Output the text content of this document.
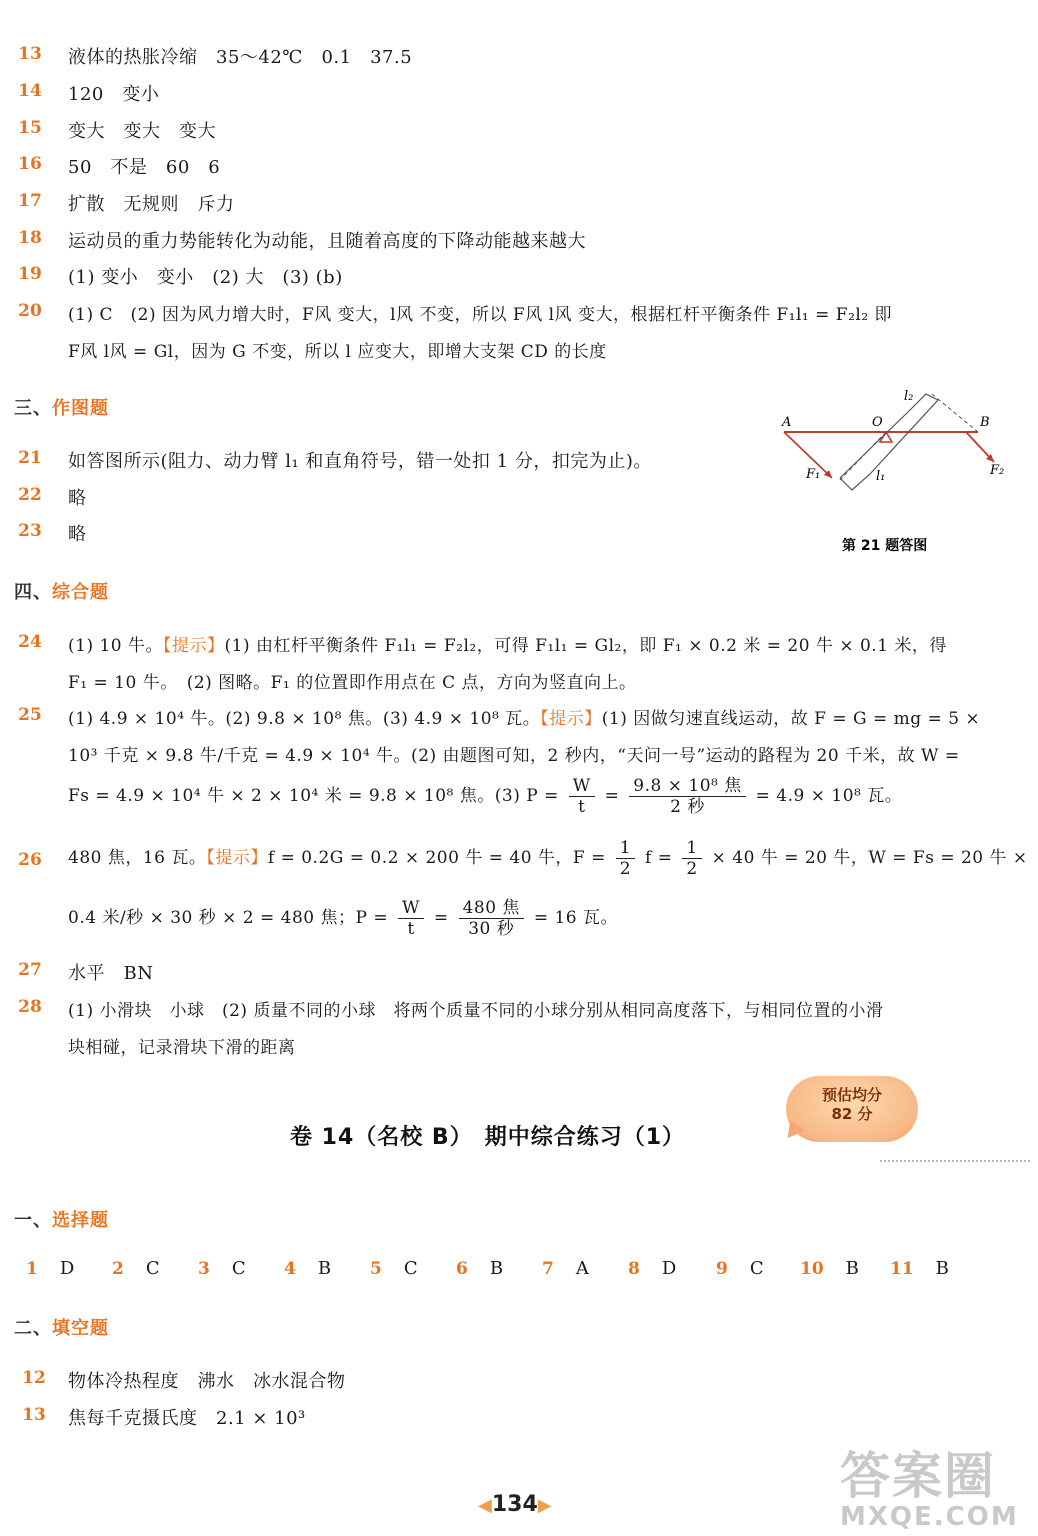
13	液体的热胀冷缩　35～42℃　0.1　37.5
14	120　变小
15	变大　变大　变大
16	50　不是　60　6
17	扩散　无规则　斥力
18	运动员的重力势能转化为动能，且随着高度的下降动能越来越大
19	(1) 变小　变小　(2) 大　(3) (b)
20	(1) C　(2) 因为风力增大时，F风 变大，l风 不变，所以 F风 l风 变大，根据杠杆平衡条件 F₁l₁ = F₂l₂ 即
F风 l风 = Gl，因为 G 不变，所以 l 应变大，即增大支架 CD 的长度
三、作图题
21	如答图所示(阻力、动力臂 l₁ 和直角符号，错一处扣 1 分，扣完为止)。
22	略
23	略
A	O	B
F₁	F₂
l₁
l₂
第 21 题答图
四、综合题
24	(1) 10 牛。【提示】(1) 由杠杆平衡条件 F₁l₁ = F₂l₂，可得 F₁l₁ = Gl₂，即 F₁ × 0.2 米 = 20 牛 × 0.1 米，得
F₁ = 10 牛。　(2) 图略。F₁ 的位置即作用点在 C 点，方向为竖直向上。
25	(1) 4.9 × 10⁴ 牛。(2) 9.8 × 10⁸ 焦。(3) 4.9 × 10⁸ 瓦。【提示】(1) 因做匀速直线运动，故 F = G = mg = 5 ×
10³ 千克 × 9.8 牛/千克 = 4.9 × 10⁴ 牛。(2) 由题图可知，2 秒内，“天问一号”运动的路程为 20 千米，故 W =
Fs = 4.9 × 10⁴ 牛 × 2 × 10⁴ 米 = 9.8 × 10⁸ 焦。(3) $P = \frac{W}{t} = \frac{\text{9.8 × 10⁸ 焦}}{\text{2 秒}} = 4.9 \times 10^8$ 瓦。
26	480 焦，16 瓦。【提示】f = 0.2G = 0.2 × 200 牛 = 40 牛，$F = \frac{1}{2}$ $f = \frac{1}{2} \times 40$ 牛 = 20 牛，W = Fs = 20 牛 ×
0.4 米/秒 × 30 秒 × 2 = 480 焦；$P = \frac{W}{t} = \frac{\text{480 焦}}{\text{30 秒}} = 16$ 瓦。
27	水平　BN
28	(1) 小滑块　小球　(2) 质量不同的小球　将两个质量不同的小球分别从相同高度落下，与相同位置的小滑
块相碰，记录滑块下滑的距离
预估均分
82 分
卷 14（名校 B）　期中综合练习（1）
一、选择题
1 D 2 C 3 C 4 B 5 C 6 B 7 A 8 D 9 C 10 B 11 B
二、填空题
12	物体冷热程度　沸水　冰水混合物
13	焦每千克摄氏度　2.1 × 10³
答案圈
MXQE.COM
◀134▶
